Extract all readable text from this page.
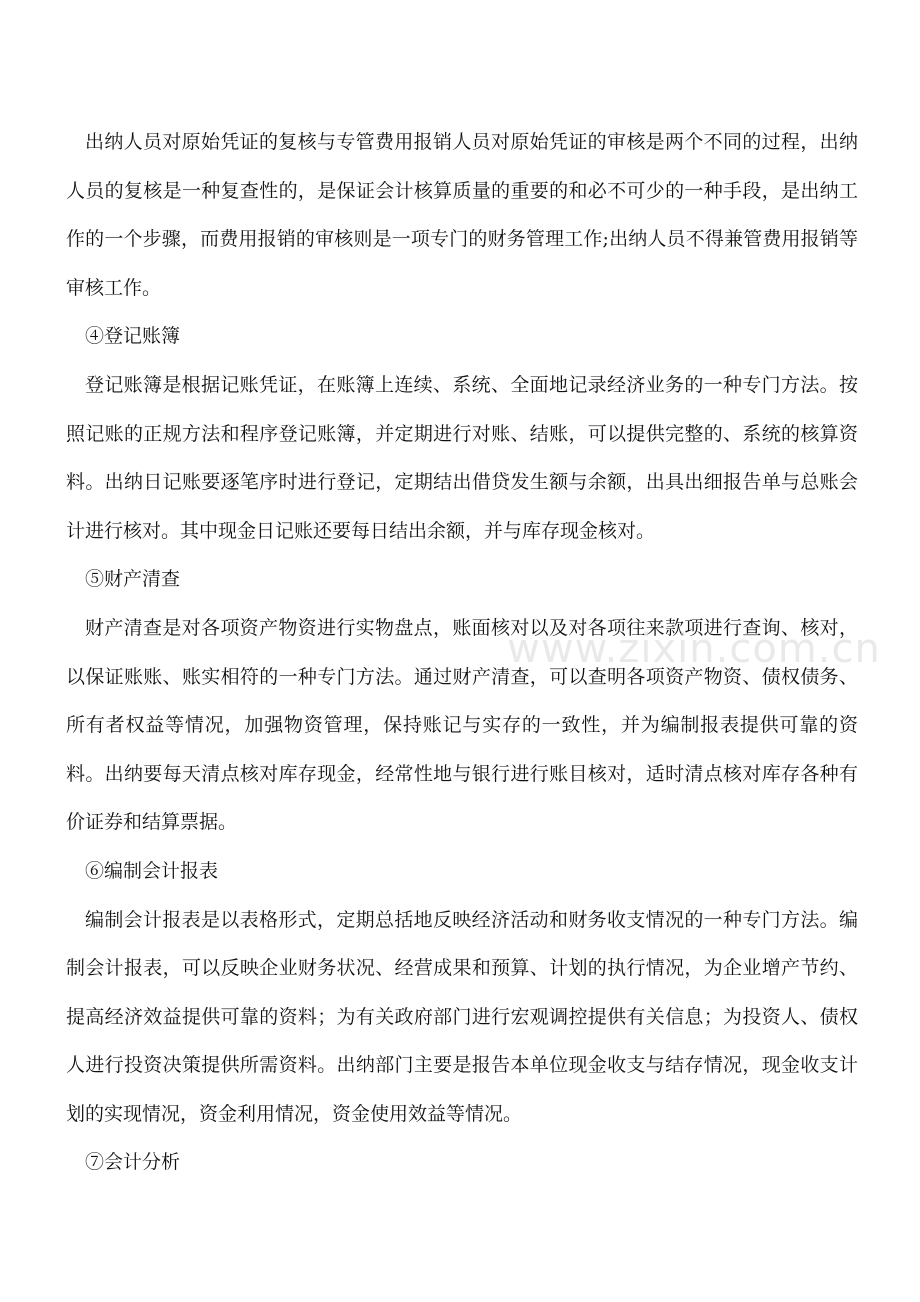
出纳人员对原始凭证的复核与专管费用报销人员对原始凭证的审核是两个不同的过程，出纳人员的复核是一种复查性的，是保证会计核算质量的重要的和必不可少的一种手段，是出纳工作的一个步骤，而费用报销的审核则是一项专门的财务管理工作;出纳人员不得兼管费用报销等审核工作。

④登记账簿

登记账簿是根据记账凭证，在账簿上连续、系统、全面地记录经济业务的一种专门方法。按照记账的正规方法和程序登记账簿，并定期进行对账、结账，可以提供完整的、系统的核算资料。出纳日记账要逐笔序时进行登记，定期结出借贷发生额与余额，出具出细报告单与总账会计进行核对。其中现金日记账还要每日结出余额，并与库存现金核对。

⑤财产清查

财产清查是对各项资产物资进行实物盘点，账面核对以及对各项往来款项进行查询、核对，以保证账账、账实相符的一种专门方法。通过财产清查，可以查明各项资产物资、债权债务、所有者权益等情况，加强物资管理，保持账记与实存的一致性，并为编制报表提供可靠的资料。出纳要每天清点核对库存现金，经常性地与银行进行账目核对，适时清点核对库存各种有价证券和结算票据。

⑥编制会计报表

编制会计报表是以表格形式，定期总括地反映经济活动和财务收支情况的一种专门方法。编制会计报表，可以反映企业财务状况、经营成果和预算、计划的执行情况，为企业增产节约、提高经济效益提供可靠的资料；为有关政府部门进行宏观调控提供有关信息；为投资人、债权人进行投资决策提供所需资料。出纳部门主要是报告本单位现金收支与结存情况，现金收支计划的实现情况，资金利用情况，资金使用效益等情况。

⑦会计分析

www.zixin.com.cn
